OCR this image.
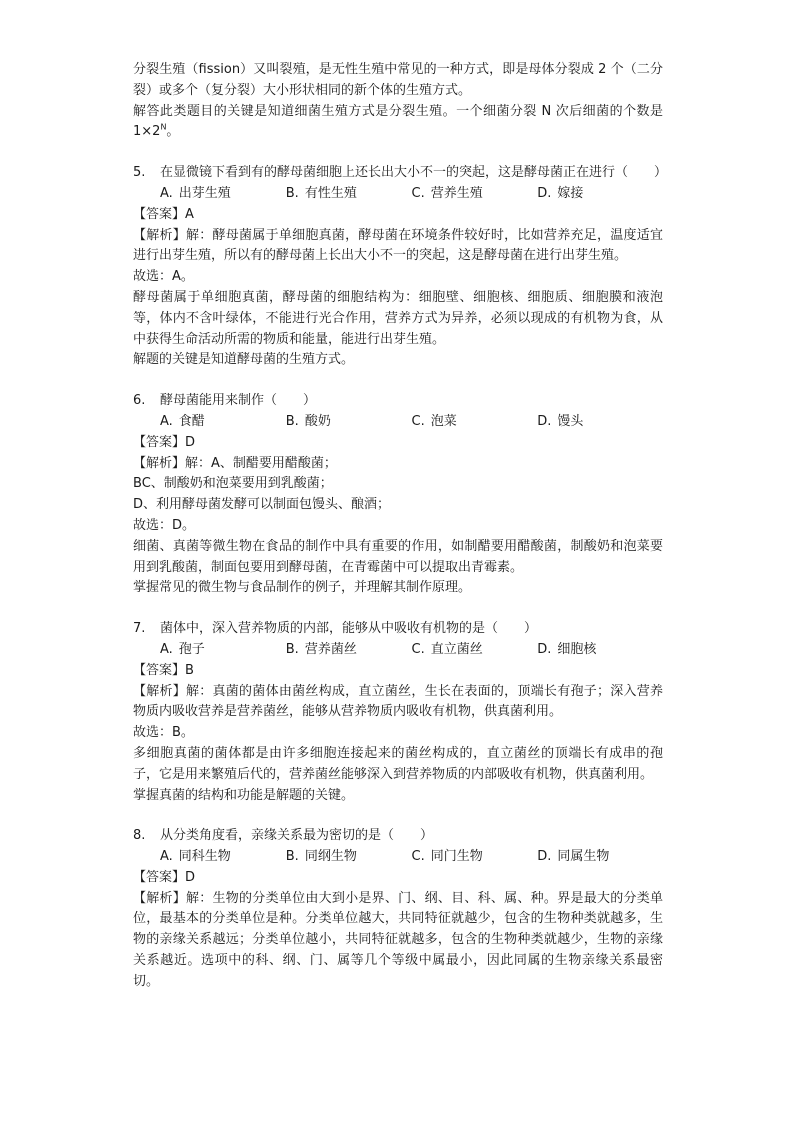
分裂生殖（fission）又叫裂殖，是无性生殖中常见的一种方式，即是母体分裂成 2 个（二分裂）或多个（复分裂）大小形状相同的新个体的生殖方式。

解答此类题目的关键是知道细菌生殖方式是分裂生殖。一个细菌分裂 N 次后细菌的个数是 $1\times 2^N$。

5. 在显微镜下看到有的酵母菌细胞上还长出大小不一的突起，这是酵母菌正在进行（　　）

A. 出芽生殖	B. 有性生殖	C. 营养生殖	D. 嫁接

【答案】A

【解析】解：酵母菌属于单细胞真菌，酵母菌在环境条件较好时，比如营养充足，温度适宜进行出芽生殖，所以有的酵母菌上长出大小不一的突起，这是酵母菌在进行出芽生殖。

故选：A。

酵母菌属于单细胞真菌，酵母菌的细胞结构为：细胞壁、细胞核、细胞质、细胞膜和液泡等，体内不含叶绿体，不能进行光合作用，营养方式为异养，必须以现成的有机物为食，从中获得生命活动所需的物质和能量，能进行出芽生殖。

解题的关键是知道酵母菌的生殖方式。

6. 酵母菌能用来制作（　　）

A. 食醋	B. 酸奶	C. 泡菜	D. 馒头

【答案】D

【解析】解：A、制醋要用醋酸菌；

BC、制酸奶和泡菜要用到乳酸菌；

D、利用酵母菌发酵可以制面包馒头、酿酒；

故选：D。

细菌、真菌等微生物在食品的制作中具有重要的作用，如制醋要用醋酸菌，制酸奶和泡菜要用到乳酸菌，制面包要用到酵母菌，在青霉菌中可以提取出青霉素。

掌握常见的微生物与食品制作的例子，并理解其制作原理。

7. 菌体中，深入营养物质的内部，能够从中吸收有机物的是（　　）

A. 孢子	B. 营养菌丝	C. 直立菌丝	D. 细胞核

【答案】B

【解析】解：真菌的菌体由菌丝构成，直立菌丝，生长在表面的，顶端长有孢子；深入营养物质内吸收营养是营养菌丝，能够从营养物质内吸收有机物，供真菌利用。

故选：B。

多细胞真菌的菌体都是由许多细胞连接起来的菌丝构成的，直立菌丝的顶端长有成串的孢子，它是用来繁殖后代的，营养菌丝能够深入到营养物质的内部吸收有机物，供真菌利用。

掌握真菌的结构和功能是解题的关键。

8. 从分类角度看，亲缘关系最为密切的是（　　）

A. 同科生物	B. 同纲生物	C. 同门生物	D. 同属生物

【答案】D

【解析】解：生物的分类单位由大到小是界、门、纲、目、科、属、种。界是最大的分类单位，最基本的分类单位是种。分类单位越大，共同特征就越少，包含的生物种类就越多，生物的亲缘关系越远；分类单位越小，共同特征就越多，包含的生物种类就越少，生物的亲缘关系越近。选项中的科、纲、门、属等几个等级中属最小，因此同属的生物亲缘关系最密切。
